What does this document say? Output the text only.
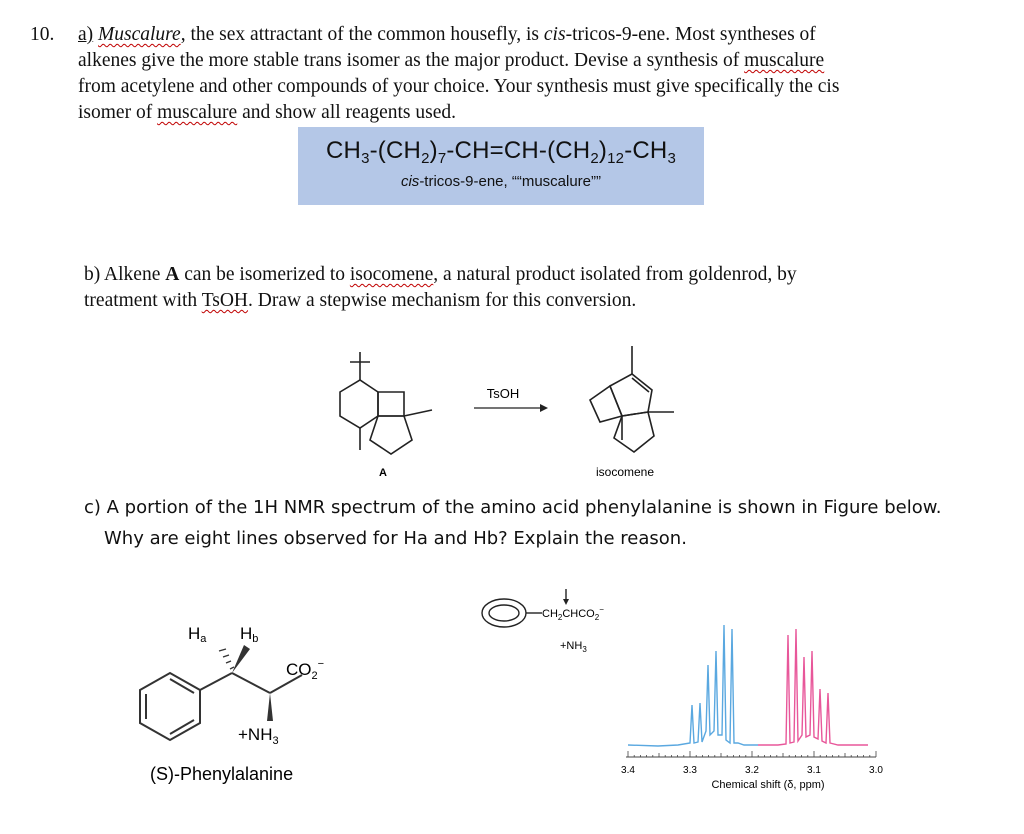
10. a) Muscalure, the sex attractant of the common housefly, is cis-tricos-9-ene. Most syntheses of
alkenes give the more stable trans isomer as the major product. Devise a synthesis of muscalure
from acetylene and other compounds of your choice. Your synthesis must give specifically the cis
isomer of muscalure and show all reagents used.
$CH_3-(CH_2)_7-CH=CH-(CH_2)_{12}-CH_3$
cis-tricos-9-ene, ““muscalure””
b) Alkene A can be isomerized to isocomene, a natural product isolated from goldenrod, by
treatment with TsOH. Draw a stepwise mechanism for this conversion.
A
TsOH
isocomene
c) A portion of the 1H NMR spectrum of the amino acid phenylalanine is shown in Figure below.
Why are eight lines observed for Ha and Hb? Explain the reason.
Ha Hb
$CO_2^-$
$+NH_3$
(S)-Phenylalanine
$CH_2CHCO_2^-$
$+NH_3$
3.4	3.3	3.2	3.1	3.0
Chemical shift (δ, ppm)
